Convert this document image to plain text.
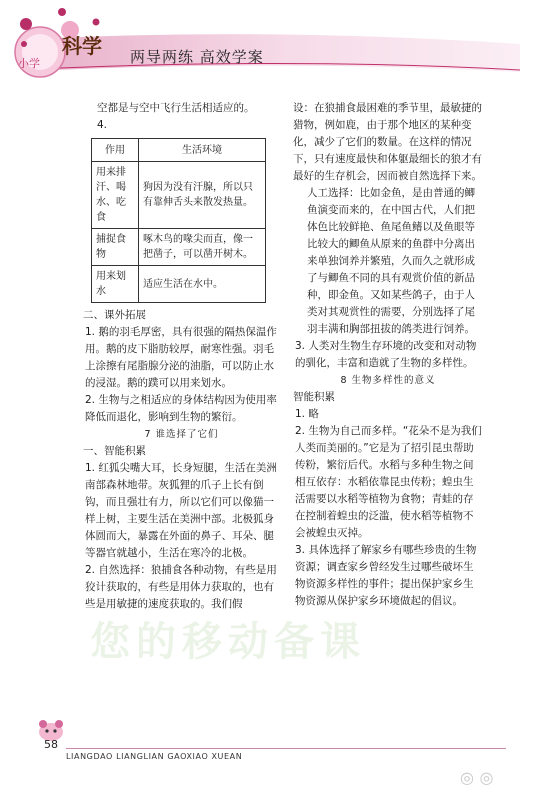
科学
小学	两导两练 高效学案
您的移动备课

空都是与空中飞行生活相适应的。

4.

作用	生活环境
用来排汗、喝水、吃食	狗因为没有汗腺，所以只有靠伸舌头来散发热量。
捕捉食物	啄木鸟的喙尖而直，像一把凿子，可以凿开树木。
用来划水	适应生活在水中。

二、课外拓展

1. 鹅的羽毛厚密，具有很强的隔热保温作用。鹅的皮下脂肪较厚，耐寒性强。羽毛上涂擦有尾脂腺分泌的油脂，可以防止水的浸湿。鹅的蹼可以用来划水。

2. 生物与之相适应的身体结构因为使用率降低而退化，影响到生物的繁衍。

7 谁选择了它们

一、智能积累

1. 红狐尖嘴大耳，长身短腿，生活在美洲南部森林地带。灰狐狸的爪子上长有倒钩，而且强壮有力，所以它们可以像猫一样上树，主要生活在美洲中部。北极狐身体圆而大，暴露在外面的鼻子、耳朵、腿等器官就越小，生活在寒冷的北极。

2. 自然选择：狼捕食各种动物，有些是用狡计获取的，有些是用体力获取的，也有些是用敏捷的速度获取的。我们假

设：在狼捕食最困难的季节里，最敏捷的猎物，例如鹿，由于那个地区的某种变化，减少了它们的数量。在这样的情况下，只有速度最快和体躯最细长的狼才有最好的生存机会，因而被自然选择下来。

人工选择：比如金鱼，是由普通的鲫鱼演变而来的，在中国古代，人们把体色比较鲜艳、鱼尾鱼鳍以及鱼眼等比较大的鲫鱼从原来的鱼群中分离出来单独饲养并繁殖，久而久之就形成了与鲫鱼不同的具有观赏价值的新品种，即金鱼。又如某些鸽子，由于人类对其观赏性的需要，分别选择了尾羽丰满和胸部扭拔的鸽类进行饲养。

3. 人类对生物生存环境的改变和对动物的驯化，丰富和造就了生物的多样性。

8 生物多样性的意义

智能积累

1. 略

2. 生物为自己而多样。“花朵不是为我们人类而美丽的。”它是为了招引昆虫帮助传粉，繁衍后代。水稻与多种生物之间相互依存：水稻依靠昆虫传粉；蝗虫生活需要以水稻等植物为食物；青蛙的存在控制着蝗虫的泛滥，使水稻等植物不会被蝗虫灭掉。

3. 具体选择了解家乡有哪些珍贵的生物资源；调查家乡曾经发生过哪些破坏生物资源多样性的事件；提出保护家乡生物资源从保护家乡环境做起的倡议。

58
LIANGDAO LIANGLIAN GAOXIAO XUEAN
◎ ◎
